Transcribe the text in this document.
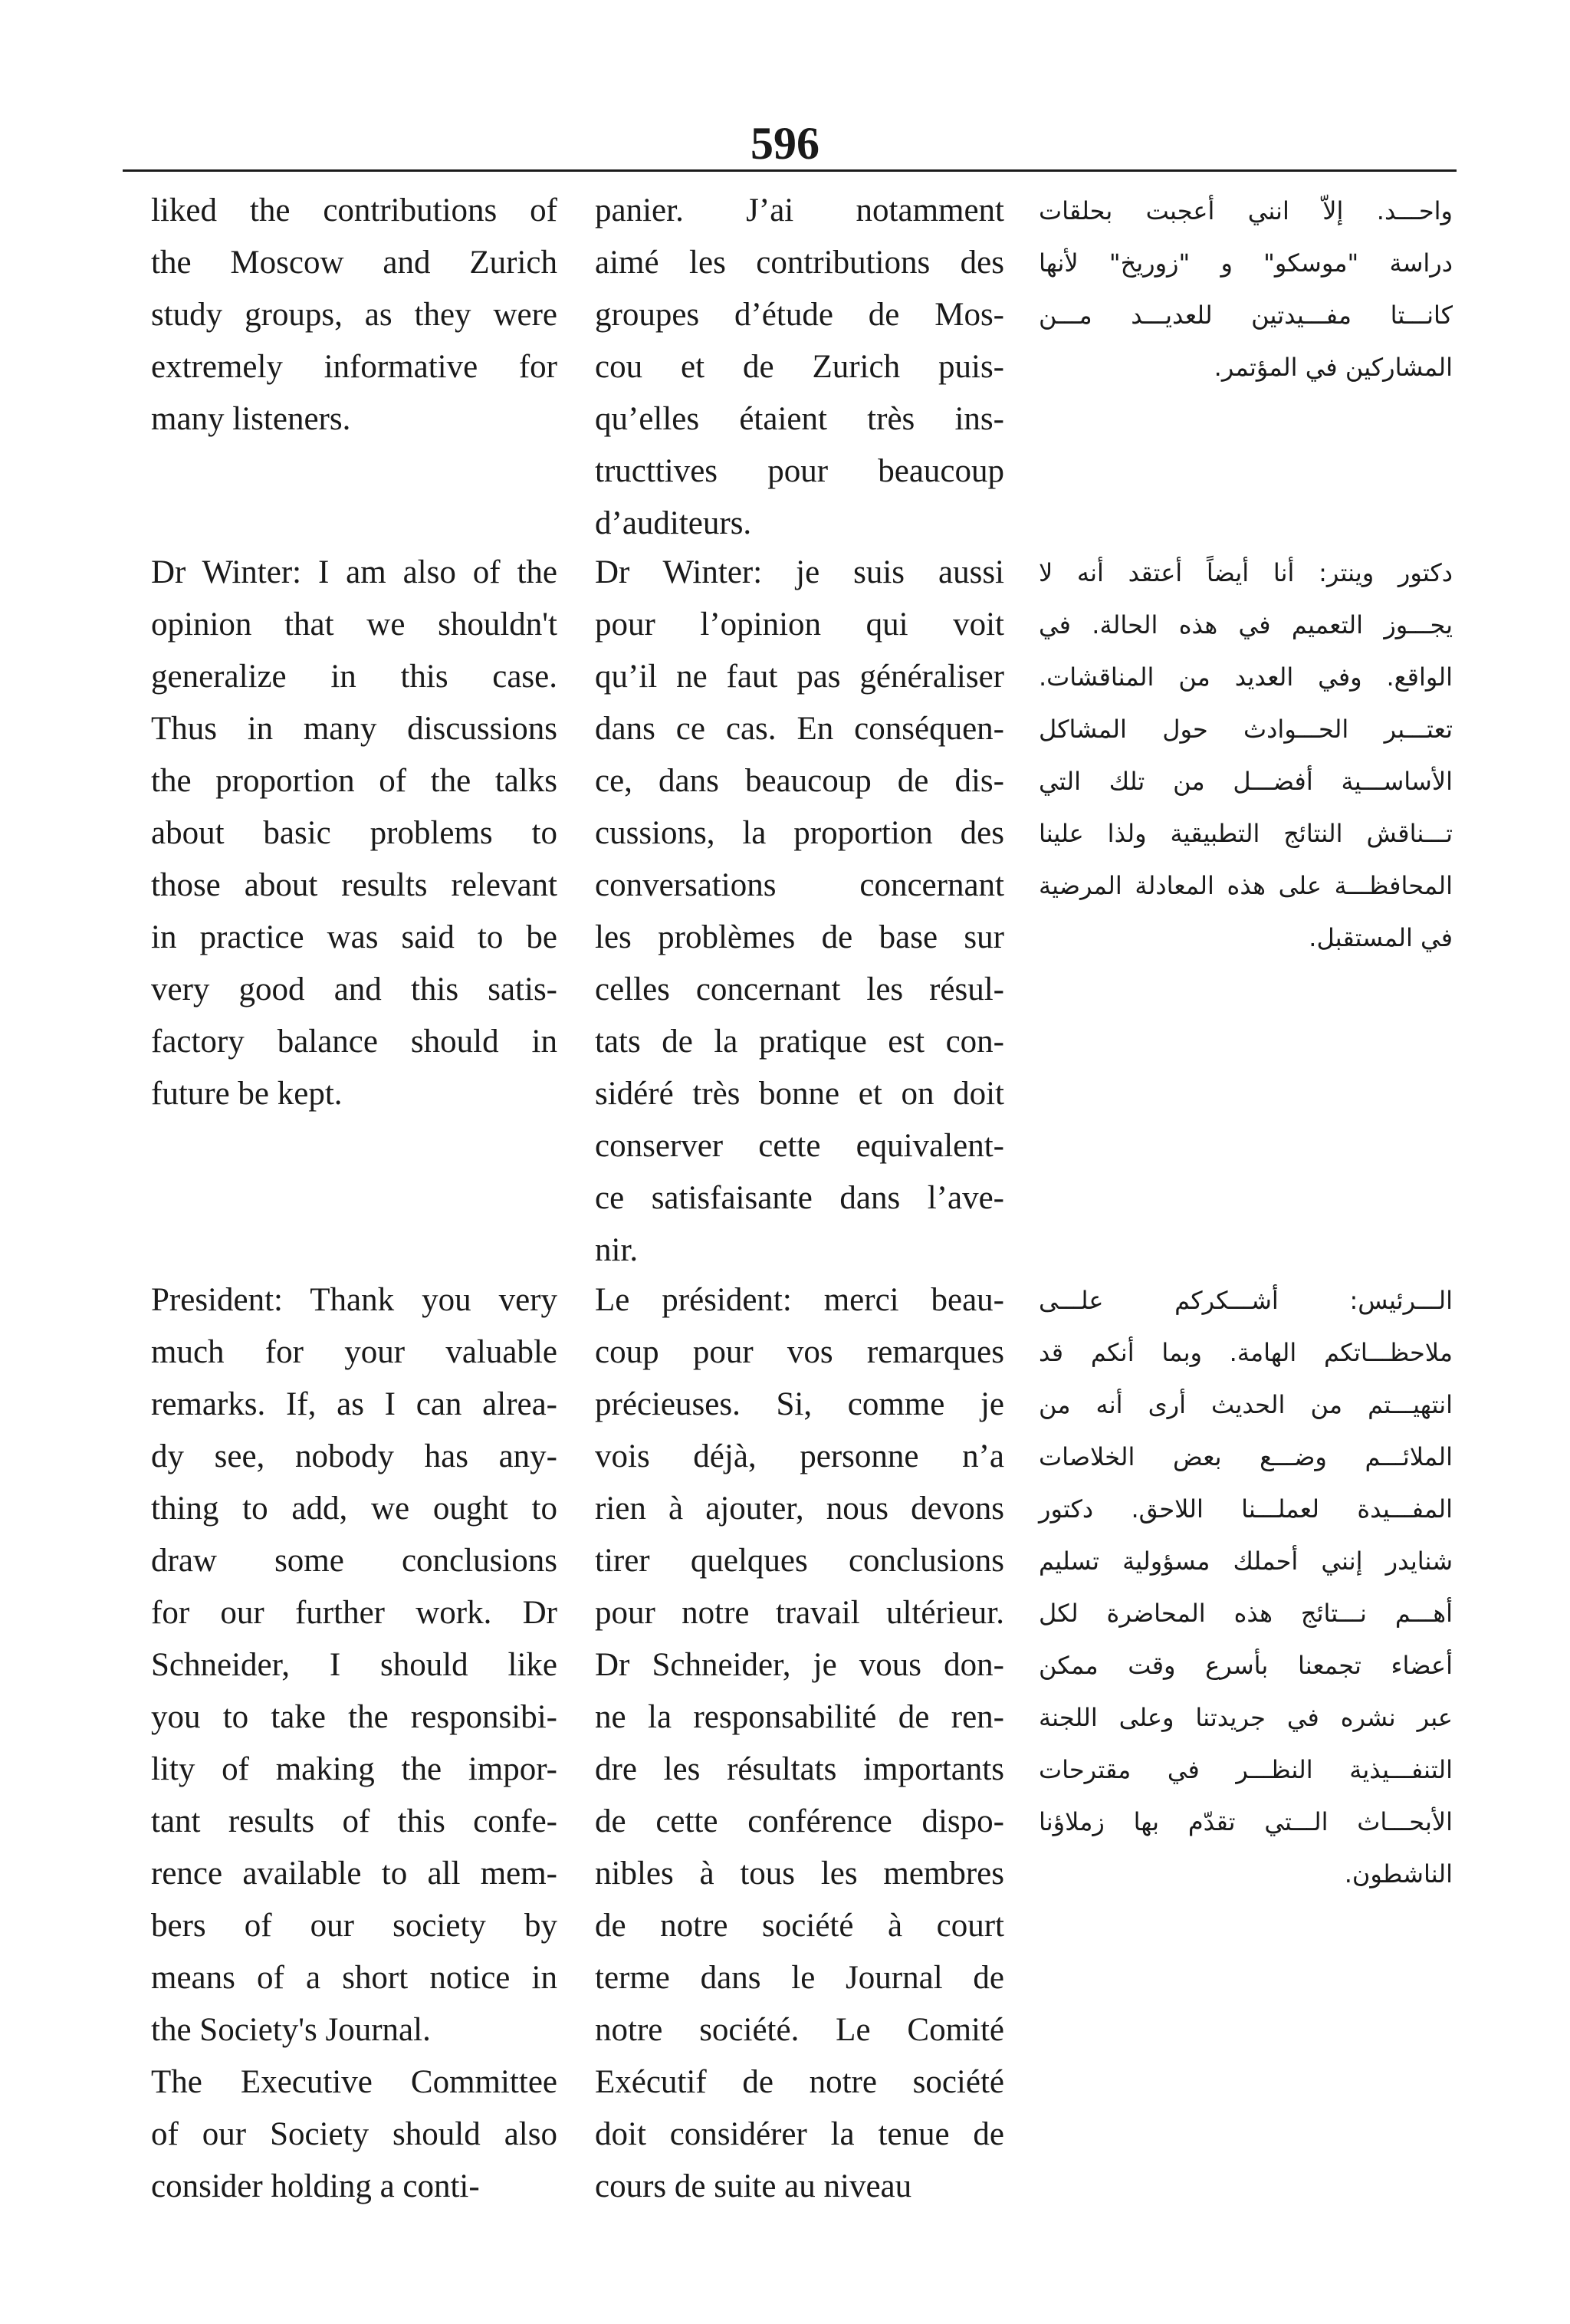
596
liked the contributions of
the Moscow and Zurich
study groups, as they were
extremely informative for
many listeners.
Dr Winter: I am also of the
opinion that we shouldn't
generalize in this case.
Thus in many discussions
the proportion of the talks
about basic problems to
those about results relevant
in practice was said to be
very good and this satis-
factory balance should in
future be kept.
President: Thank you very
much for your valuable
remarks. If, as I can alrea-
dy see, nobody has any-
thing to add, we ought to
draw some conclusions
for our further work. Dr
Schneider, I should like
you to take the responsibi-
lity of making the impor-
tant results of this confe-
rence available to all mem-
bers of our society by
means of a short notice in
the Society's Journal.
The Executive Committee
of our Society should also
consider holding a conti-
panier. J’ai notamment
aimé les contributions des
groupes d’étude de Mos-
cou et de Zurich puis-
qu’elles étaient très ins-
tructtives pour beaucoup
d’auditeurs.
Dr Winter: je suis aussi
pour l’opinion qui voit
qu’il ne faut pas généraliser
dans ce cas. En conséquen-
ce, dans beaucoup de dis-
cussions, la proportion des
conversations concernant
les problèmes de base sur
celles concernant les résul-
tats de la pratique est con-
sidéré très bonne et on doit
conserver cette equivalent-
ce satisfaisante dans l’ave-
nir.
Le président: merci beau-
coup pour vos remarques
précieuses. Si, comme je
vois déjà, personne n’a
rien à ajouter, nous devons
tirer quelques conclusions
pour notre travail ultérieur.
Dr Schneider, je vous don-
ne la responsabilité de ren-
dre les résultats importants
de cette conférence dispo-
nibles à tous les membres
de notre société à court
terme dans le Journal de
notre société. Le Comité
Exécutif de notre société
doit considérer la tenue de
cours de suite au niveau
واحـــد. إلاّ انني أعجبت بحلقات
دراسة "موسكو" و "زوريخ" لأنها
كانـــتا مفـــيدتين للعديـــد مـــن
المشاركين في المؤتمر.
دكتور وينتر: أنا أيضاً أعتقد أنه لا
يجـــوز التعميم في هذه الحالة. في
الواقع. وفي العديد من المناقشات.
تعتـــبر الحـــوادث حول المشاكل
الأساســـية أفضـــل من تلك التي
تـــناقش النتائج التطبيقية ولذا علينا
المحافظـــة على هذه المعادلة المرضية
في المستقبل.
الـــرئيس: أشـــكركم علـــى
ملاحظـــاتكم الهامة. وبما أنكم قد
انتهيـــتم من الحديث أرى أنه من
الملائـــم وضـــع بعض الخلاصات
المفـــيدة لعملـــنا اللاحق. دكتور
شنايدر إنني أحملك مسؤولية تسليم
أهـــم نـــتائج هذه المحاضرة لكل
أعضاء تجمعنا بأسرع وقت ممكن
عبر نشره في جريدتنا وعلى اللجنة
التنفـــيذية النظـــر في مقترحات
الأبحـــاث الـــتي تقدّم بها زملاؤنا
الناشطون.
